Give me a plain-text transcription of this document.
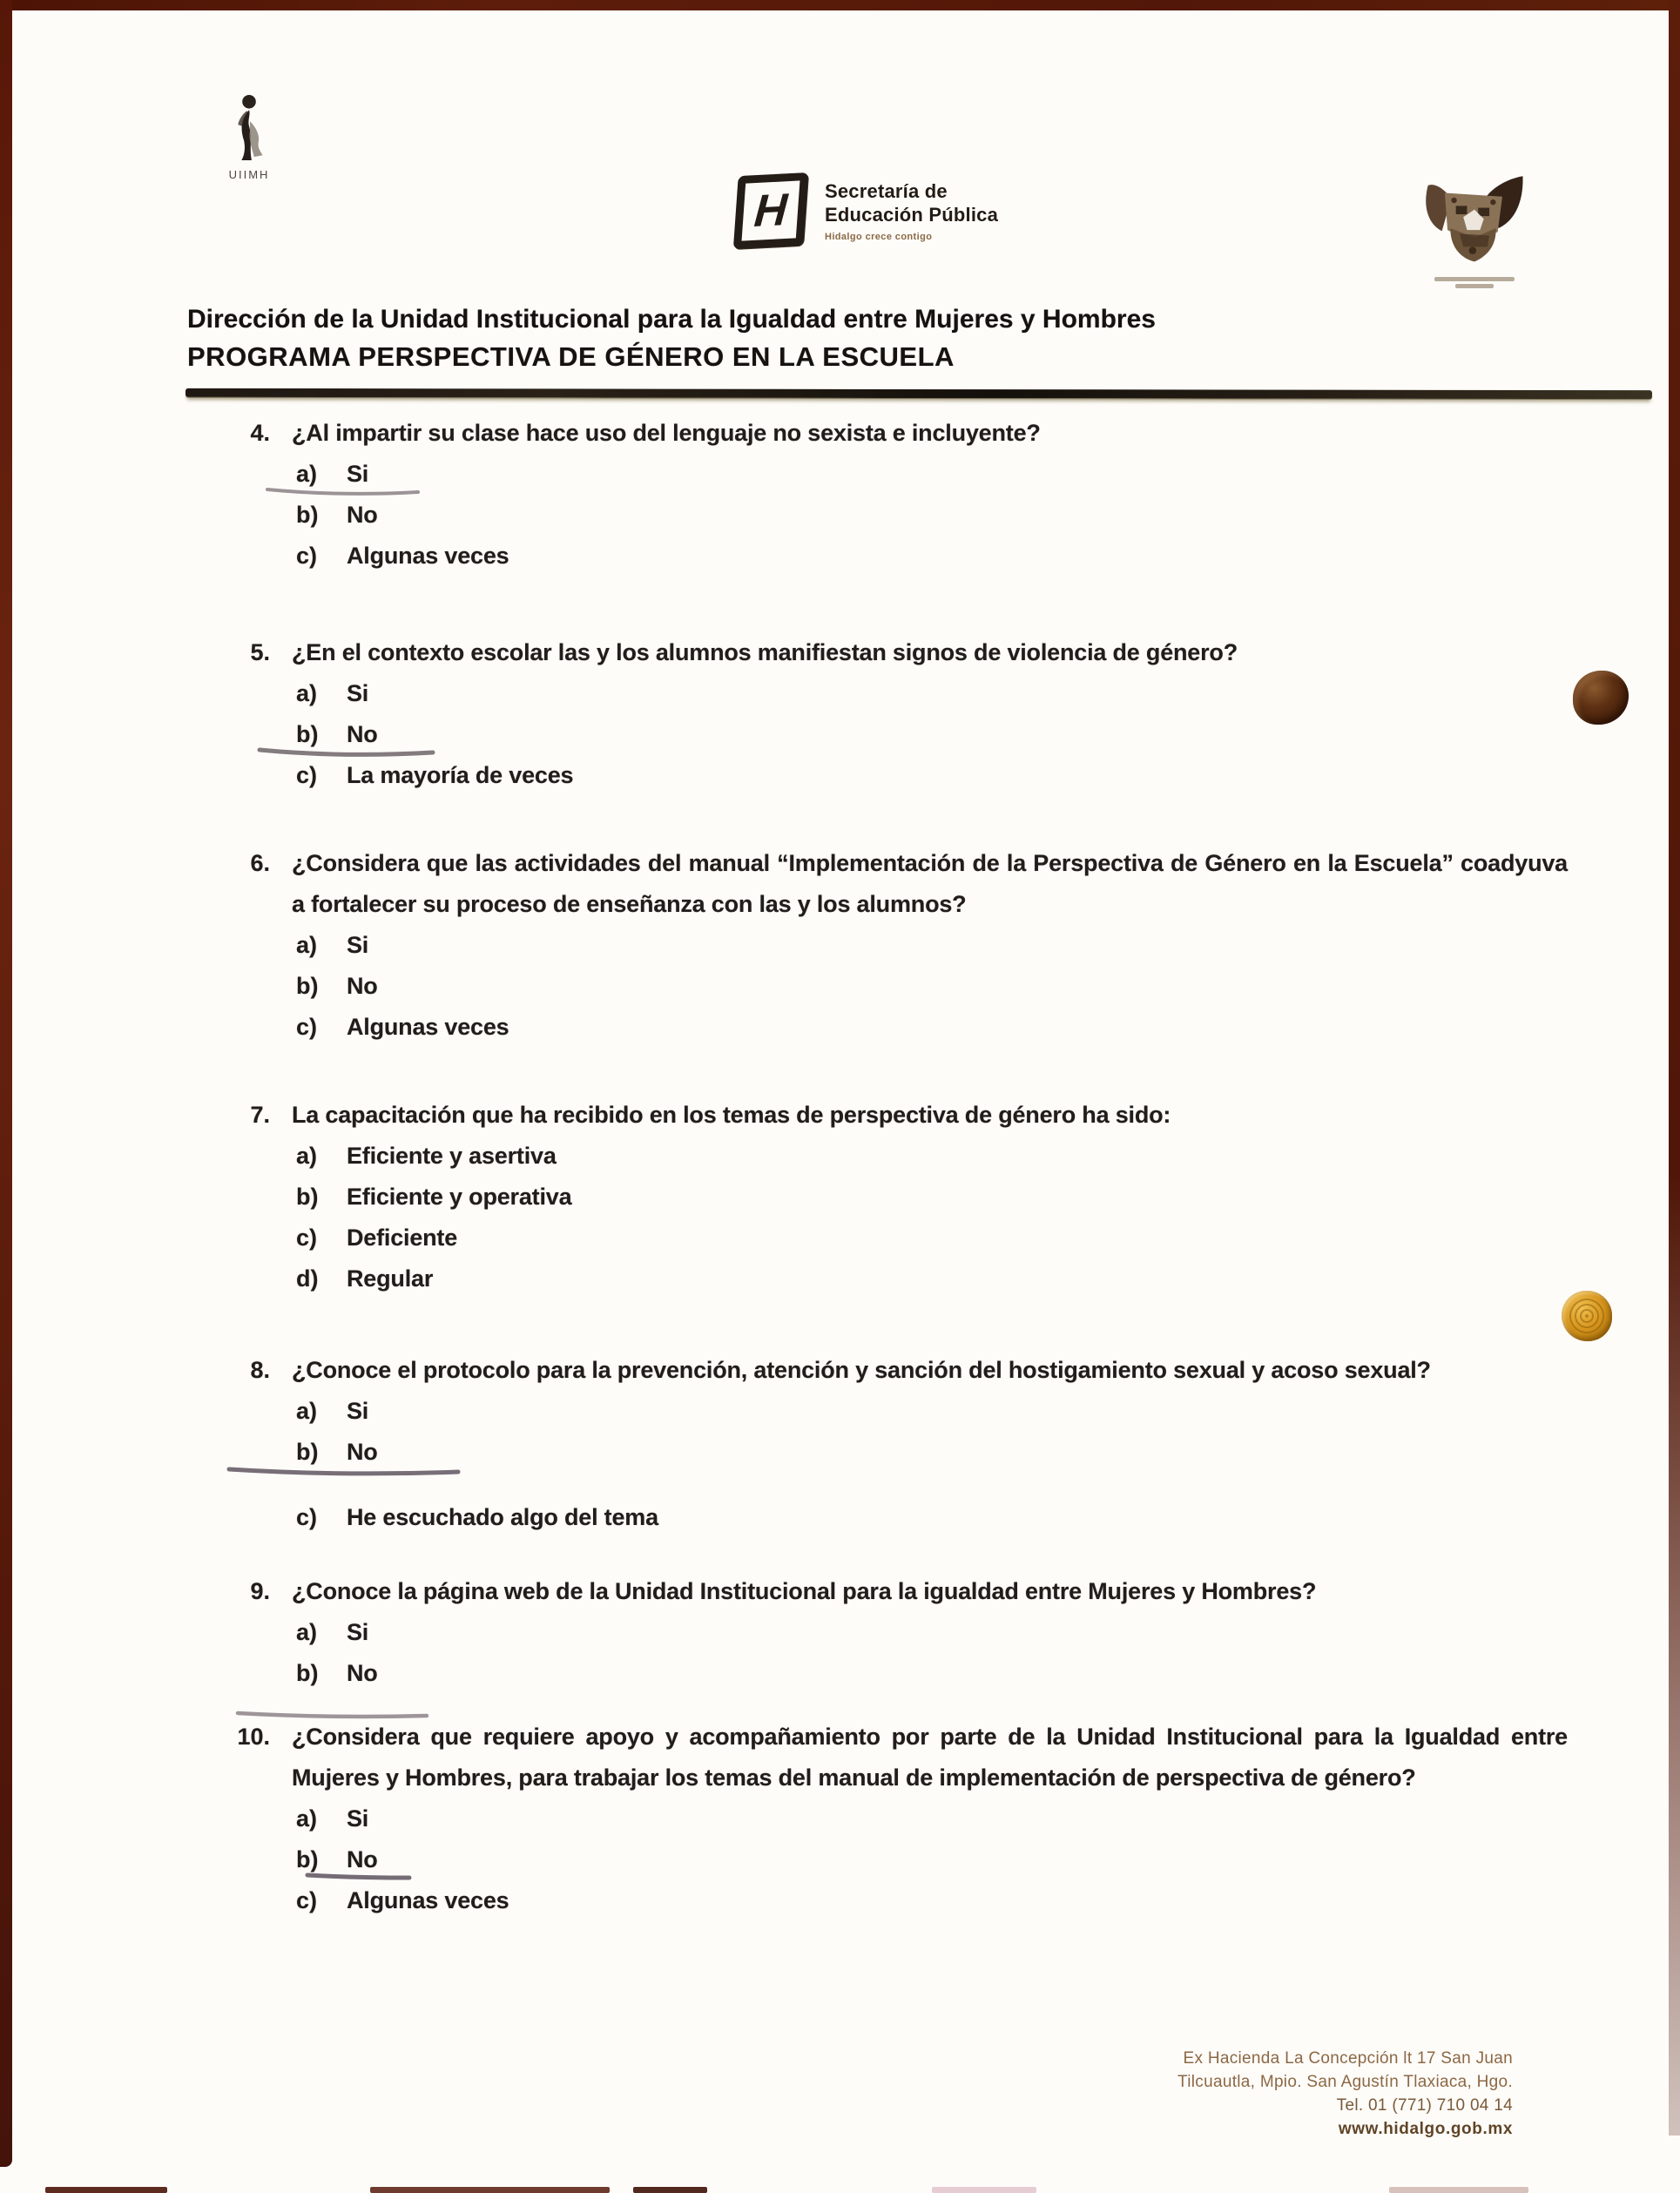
UIIMH
H	Secretaría de
Educación Pública
Hidalgo crece contigo
Dirección de la Unidad Institucional para la Igualdad entre Mujeres y Hombres
PROGRAMA PERSPECTIVA DE GÉNERO EN LA ESCUELA
4. ¿Al impartir su clase hace uso del lenguaje no sexista e incluyente?
a)	Si
b)	No
c)	Algunas veces
5. ¿En el contexto escolar las y los alumnos manifiestan signos de violencia de género?
a)	Si
b)	No
c)	La mayoría de veces
6. ¿Considera que las actividades del manual “Implementación de la Perspectiva de Género en la Escuela” coadyuva a fortalecer su proceso de enseñanza con las y los alumnos?
a)	Si
b)	No
c)	Algunas veces
7. La capacitación que ha recibido en los temas de perspectiva de género ha sido:
a)	Eficiente y asertiva
b)	Eficiente y operativa
c)	Deficiente
d)	Regular
8. ¿Conoce el protocolo para la prevención, atención y sanción del hostigamiento sexual y acoso sexual?
a)	Si
b)	No
c)	He escuchado algo del tema
9. ¿Conoce la página web de la Unidad Institucional para la igualdad entre Mujeres y Hombres?
a)	Si
b)	No
10. ¿Considera que requiere apoyo y acompañamiento por parte de la Unidad Institucional para la Igualdad entre Mujeres y Hombres, para trabajar los temas del manual de implementación de perspectiva de género?
a)	Si
b)	No
c)	Algunas veces
Ex Hacienda La Concepción lt 17 San Juan
Tilcuautla, Mpio. San Agustín Tlaxiaca, Hgo.
Tel. 01 (771) 710 04 14
www.hidalgo.gob.mx
